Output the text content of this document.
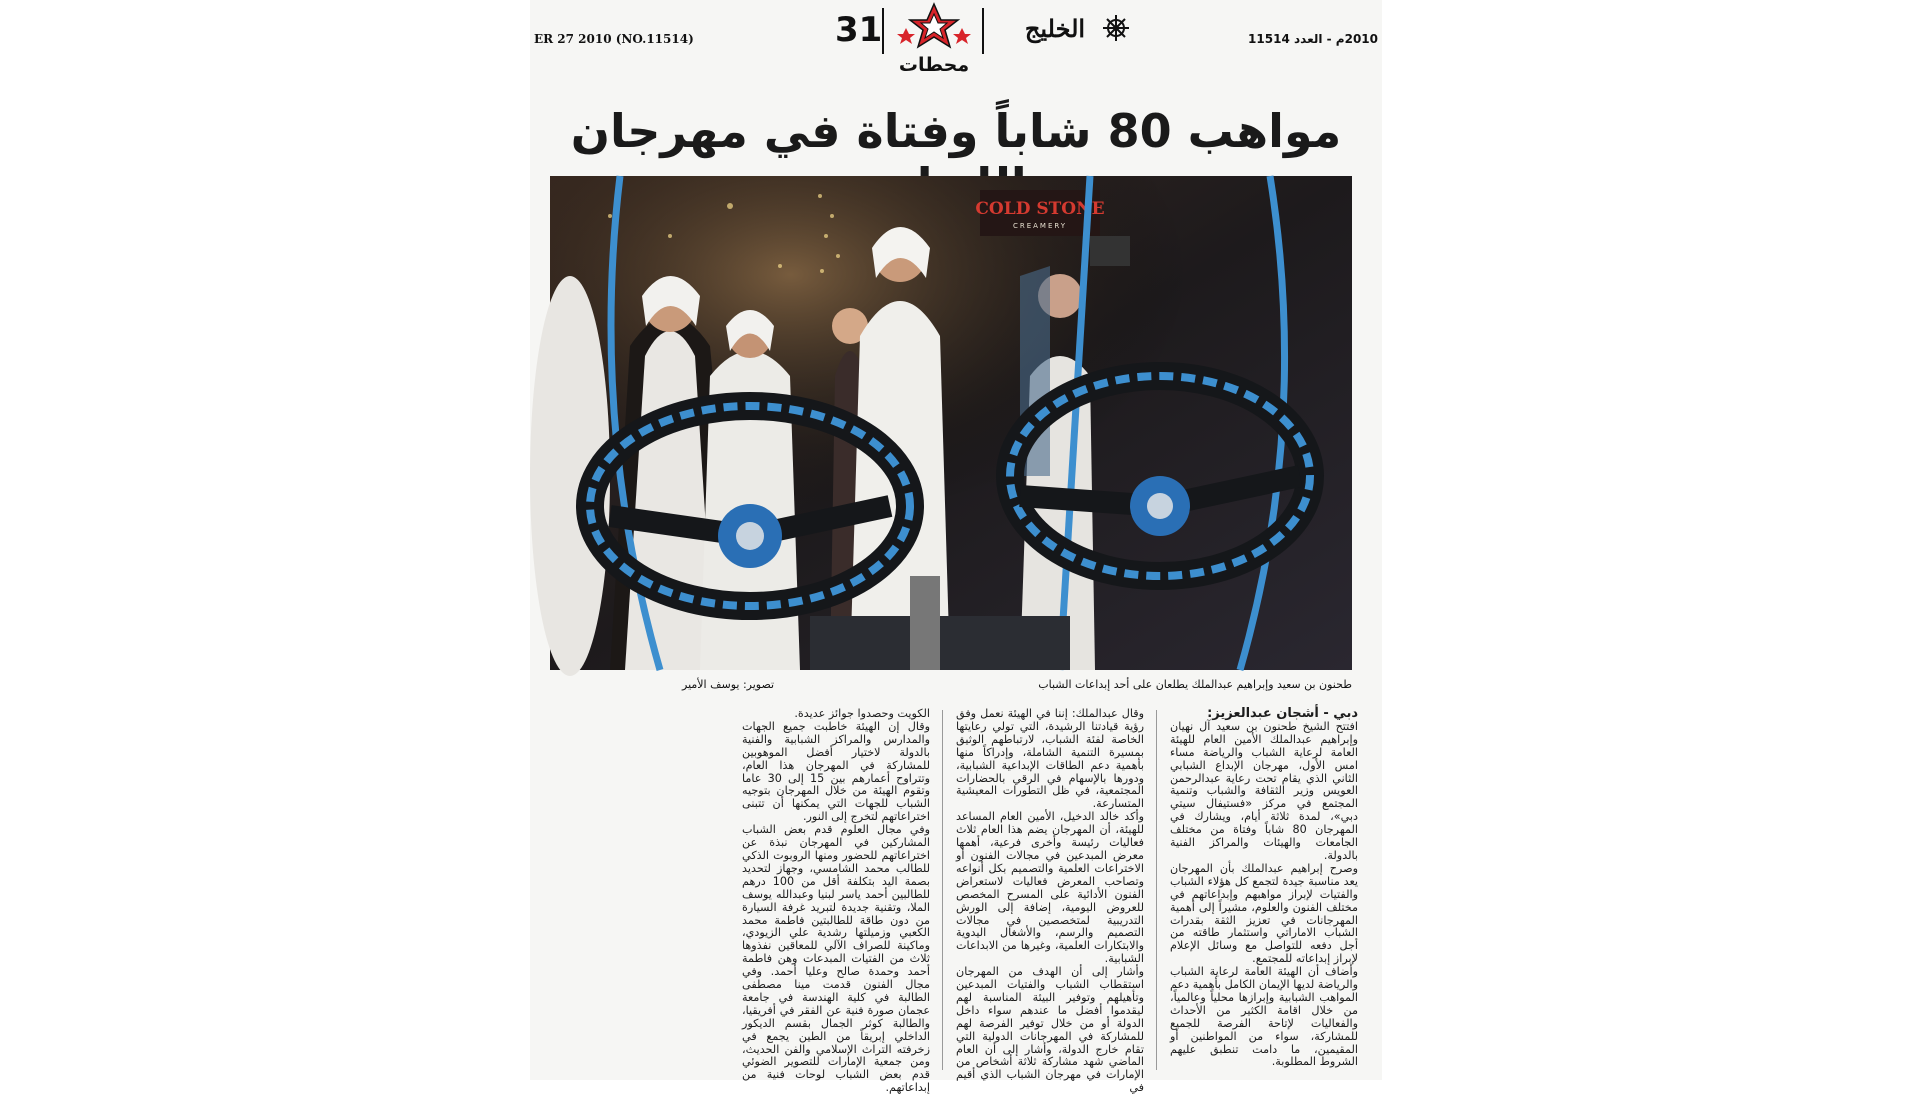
ER 27 2010 (NO.11514)	31
محطات
الخليج	2010م - العدد 11514
مواهب 80 شاباً وفتاة في مهرجان
COLD STONE
CREAMERY
طحنون بن سعيد وإبراهيم عبدالملك يطلعان على أحد إبداعات الشباب
تصوير: يوسف الأمير

دبي - أشجان عبدالعزيز:

افتتح الشيخ طحنون بن سعيد آل نهيان وإبراهيم عبدالملك الأمين العام للهيئة العامة لرعاية الشباب والرياضة مساء امس الأول، مهرجان الإبداع الشبابي الثاني الذي يقام تحت رعاية عبدالرحمن العويس وزير الثقافة والشباب وتنمية المجتمع في مركز «فستيفال سيتي دبي»، لمدة ثلاثة أيام، ويشارك في المهرجان 80 شاباً وفتاة من مختلف الجامعات والهيئات والمراكز الفنية بالدولة.

وصرح إبراهيم عبدالملك بأن المهرجان يعد مناسبة جيدة لتجمع كل هؤلاء الشباب والفتيات لإبراز مواهبهم وإبداعاتهم في مختلف الفنون والعلوم، مشيراً إلى أهمية المهرجانات في تعزيز الثقة بقدرات الشباب الاماراتي واستثمار طاقته من أجل دفعه للتواصل مع وسائل الإعلام لإبراز إبداعاته للمجتمع.

وأضاف أن الهيئة العامة لرعاية الشباب والرياضة لديها الإيمان الكامل بأهمية دعم المواهب الشبابية وإبرازها محلياً وعالمياً، من خلال اقامة الكثير من الأحداث والفعاليات لإتاحة الفرصة للجميع للمشاركة، سواء من المواطنين أو المقيمين، ما دامت تنطبق عليهم الشروط المطلوبة.

وقال عبدالملك: إننا في الهيئة نعمل وفق رؤية قيادتنا الرشيدة، التي تولي رعايتها الخاصة لفئة الشباب، لارتباطهم الوثيق بمسيرة التنمية الشاملة، وإدراكاً منها بأهمية دعم الطاقات الإبداعية الشبابية، ودورها بالإسهام في الرقي بالحضارات المجتمعية، في ظل التطورات المعيشية المتسارعة.

وأكد خالد الدخيل، الأمين العام المساعد للهيئة، أن المهرجان يضم هذا العام ثلاث فعاليات رئيسة وأخرى فرعية، أهمها معرض المبدعين في مجالات الفنون أو الاختراعات العلمية والتصميم بكل أنواعه وتصاحب المعرض فعاليات لاستعراض الفنون الأدائية على المسرح المخصص للعروض اليومية، إضافة إلى الورش التدريبية لمتخصصين في مجالات التصميم والرسم، والأشغال اليدوية والابتكارات العلمية، وغيرها من الابداعات الشبابية.

وأشار إلى أن الهدف من المهرجان استقطاب الشباب والفتيات المبدعين وتأهيلهم وتوفير البيئة المناسبة لهم ليقدموا أفضل ما عندهم سواء داخل الدولة أو من خلال توفير الفرصة لهم للمشاركة في المهرجانات الدولية التي تقام خارج الدولة، وأشار إلى أن العام الماضي شهد مشاركة ثلاثة أشخاص من الإمارات في مهرجان الشباب الذي أقيم في

الكويت وحصدوا جوائز عديدة.

وقال إن الهيئة خاطبت جميع الجهات والمدارس والمراكز الشبابية والفنية بالدولة لاختيار أفضل الموهوبين للمشاركة في المهرجان هذا العام، وتتراوح أعمارهم بين 15 إلى 30 عاما وتقوم الهيئة من خلال المهرجان بتوجيه الشباب للجهات التي يمكنها أن تتبنى اختراعاتهم لتخرج إلى النور.

وفي مجال العلوم قدم بعض الشباب المشاركين في المهرجان نبذة عن اختراعاتهم للحضور ومنها الروبوت الذكي للطالب محمد الشامسي، وجهاز لتحديد بصمة اليد بتكلفة أقل من 100 درهم للطالبين أحمد ياسر لبنيا وعبدالله يوسف الملا، وتقنية جديدة لتبريد غرفة السيارة من دون طاقة للطالبتين فاطمة محمد الكعبي وزميلتها رشدية علي الزيودي، وماكينة للصراف الآلي للمعاقين نفذوها ثلاث من الفتيات المبدعات وهن فاطمة أحمد وحمدة صالح وعليا أحمد. وفي مجال الفنون قدمت مينا مصطفى الطالبة في كلية الهندسة في جامعة عجمان صورة فنية عن الفقر في أفريقيا، والطالبة كوثر الجمال بقسم الديكور الداخلي إبريقاً من الطين يجمع في زخرفته التراث الإسلامي والفن الحديث، ومن جمعية الإمارات للتصوير الضوئي قدم بعض الشباب لوحات فنية من إبداعاتهم.
